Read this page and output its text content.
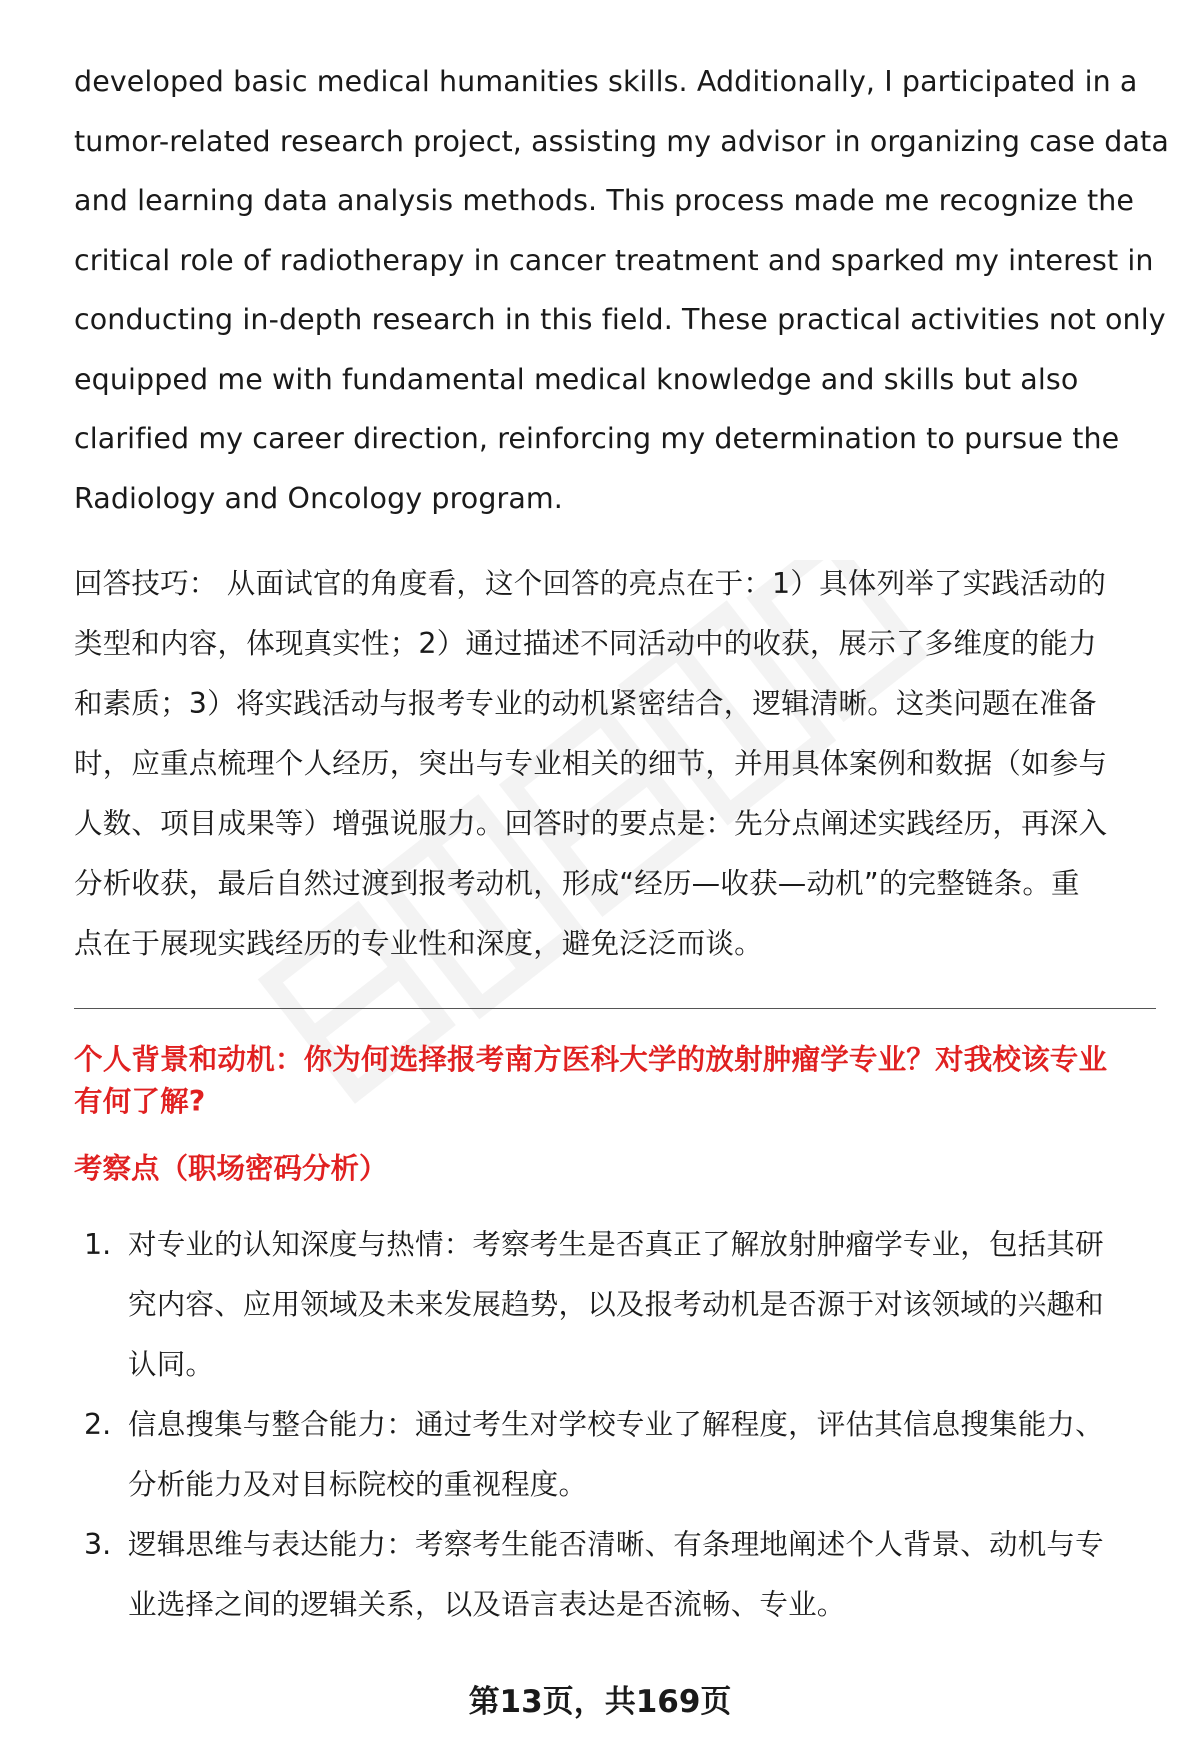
developed basic medical humanities skills. Additionally, I participated in a
tumor-related research project, assisting my advisor in organizing case data
and learning data analysis methods. This process made me recognize the
critical role of radiotherapy in cancer treatment and sparked my interest in
conducting in-depth research in this field. These practical activities not only
equipped me with fundamental medical knowledge and skills but also
clarified my career direction, reinforcing my determination to pursue the
Radiology and Oncology program.

回答技巧： 从面试官的角度看，这个回答的亮点在于：1）具体列举了实践活动的
类型和内容，体现真实性；2）通过描述不同活动中的收获，展示了多维度的能力
和素质；3）将实践活动与报考专业的动机紧密结合，逻辑清晰。这类问题在准备
时，应重点梳理个人经历，突出与专业相关的细节，并用具体案例和数据（如参与
人数、项目成果等）增强说服力。回答时的要点是：先分点阐述实践经历，再深入
分析收获，最后自然过渡到报考动机，形成“经历—收获—动机”的完整链条。重
点在于展现实践经历的专业性和深度，避免泛泛而谈。
个人背景和动机：你为何选择报考南方医科大学的放射肿瘤学专业？对我校该专业
有何了解?
考察点（职场密码分析）
1. 对专业的认知深度与热情：考察考生是否真正了解放射肿瘤学专业，包括其研
究内容、应用领域及未来发展趋势，以及报考动机是否源于对该领域的兴趣和
认同。
2. 信息搜集与整合能力：通过考生对学校专业了解程度，评估其信息搜集能力、
分析能力及对目标院校的重视程度。
3. 逻辑思维与表达能力：考察考生能否清晰、有条理地阐述个人背景、动机与专
业选择之间的逻辑关系，以及语言表达是否流畅、专业。
第13页，共169页
